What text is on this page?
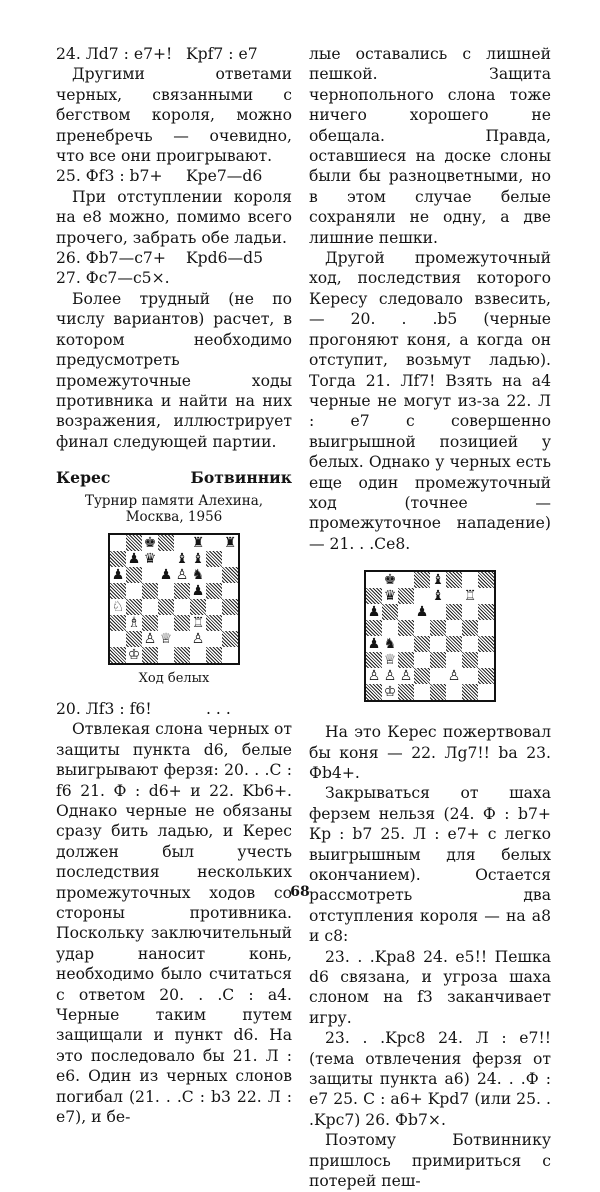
24. Лd7 : e7+! Kpf7 : e7

Другими ответами черных, связанными с бегством короля, можно пренебречь — очевидно, что все они проигрывают.

25. Фf3 : b7+ Kpe7—d6

При отступлении короля на e8 можно, помимо всего прочего, забрать обе ладьи.

26. Фb7—c7+ Kpd6—d5
27. Фc7—c5×.

Более трудный (не по числу вариантов) расчет, в котором необходимо предусмотреть промежуточные ходы противника и найти на них возражения, иллюстрирует финал следующей партии.

Керес	Ботвинник
Турнир памяти Алехина,
Москва, 1956
♚	♜ ♜
♟ ♛ ♝ ♝
♟	♟ ♙ ♞
♟
♘
♗	♖
♙ ♕ ♙
♔
Ход белых
20. Лf3 : f6!	. . .

Отвлекая слона черных от защиты пункта d6, белые выигрывают ферзя: 20. . .С : f6 21. Ф : d6+ и 22. Kb6+. Однако черные не обязаны сразу бить ладью, и Керес должен был учесть последствия нескольких промежуточных ходов со стороны противника. Поскольку заключительный удар наносит конь, необходимо было считаться с ответом 20. . .С : a4. Черные таким путем защищали и пункт d6. На это последовало бы 21. Л : e6. Один из черных слонов погибал (21. . .С : b3 22. Л : e7), и бе-

лые оставались с лишней пешкой. Защита чернопольного слона тоже ничего хорошего не обещала. Правда, оставшиеся на доске слоны были бы разноцветными, но в этом случае белые сохраняли не одну, а две лишние пешки.

Другой промежуточный ход, последствия которого Кересу следовало взвесить,— 20. . .b5 (черные прогоняют коня, а когда он отступит, возьмут ладью). Тогда 21. Лf7! Взять на a4 черные не могут из-за 22. Л : e7 с совершенно выигрышной позицией у белых. Однако у черных есть еще один промежуточный ход (точнее — промежуточное нападение) — 21. . .Ce8.

♚	♝
♛	♝ ♖
♟	♟
♟ ♞
♕
♙ ♙ ♙	♙
♔

На это Керес пожертвовал бы коня — 22. Лg7!! ba 23. Фb4+.

Закрываться от шаха ферзем нельзя (24. Ф : b7+ Кр : b7 25. Л : e7+ с легко выигрышным для белых окончанием). Остается рассмотреть два отступления короля — на a8 и c8:

23. . .Kpa8 24. e5!! Пешка d6 связана, и угроза шаха слоном на f3 заканчивает игру.

23. . .Kpc8 24. Л : e7!! (тема отвлечения ферзя от защиты пункта a6) 24. . .Ф : e7 25. С : a6+ Kpd7 (или 25. . .Kpc7) 26. Фb7×.

Поэтому Ботвиннику пришлось примириться с потерей пеш-

68
